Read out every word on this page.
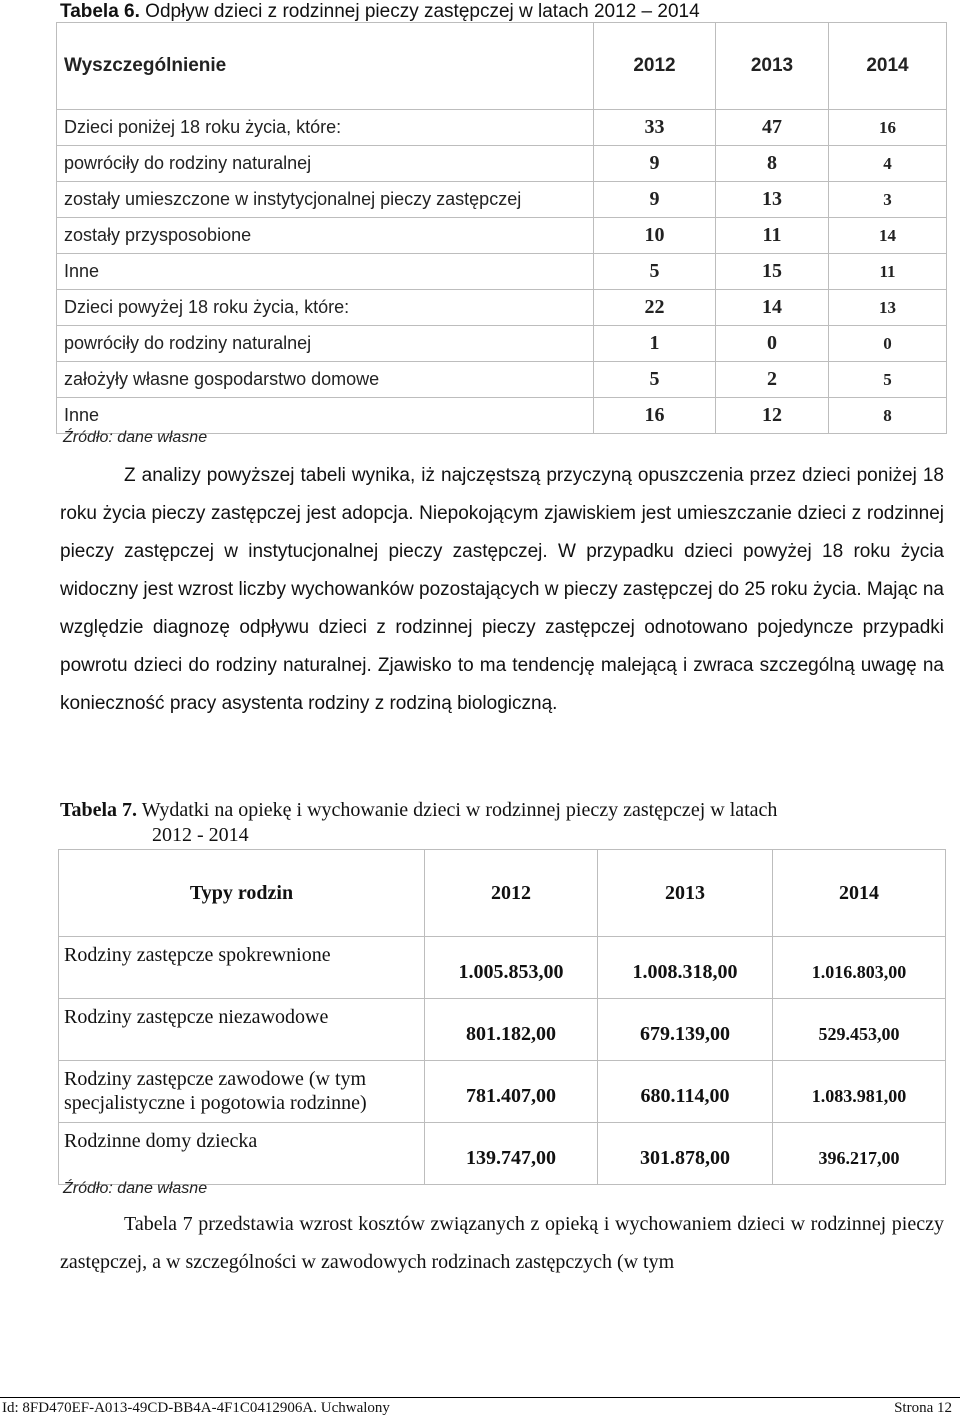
Tabela 6. Odpływ dzieci z rodzinnej pieczy zastępczej w latach 2012 – 2014
Wyszczególnienie	2012	2013	2014
Dzieci poniżej 18 roku życia, które:	33	47	16
powróciły do rodziny naturalnej	9	8	4
zostały umieszczone w instytycjonalnej pieczy zastępczej	9	13	3
zostały przysposobione	10	11	14
Inne	5	15	11
Dzieci powyżej 18 roku życia, które:	22	14	13
powróciły do rodziny naturalnej	1	0	0
założyły własne gospodarstwo domowe	5	2	5
Inne	16	12	8
Źródło: dane własne

Z analizy powyższej tabeli wynika, iż najczęstszą przyczyną opuszczenia przez dzieci poniżej 18 roku życia pieczy zastępczej jest adopcja. Niepokojącym zjawiskiem jest umieszczanie dzieci z rodzinnej pieczy zastępczej w instytucjonalnej pieczy zastępczej. W przypadku dzieci powyżej 18 roku życia widoczny jest wzrost liczby wychowanków pozostających w pieczy zastępczej do 25 roku życia. Mając na względzie diagnozę odpływu dzieci z rodzinnej pieczy zastępczej odnotowano pojedyncze przypadki powrotu dzieci do rodziny naturalnej. Zjawisko to ma tendencję malejącą i zwraca szczególną uwagę na konieczność pracy asystenta rodziny z rodziną biologiczną.

Tabela 7. Wydatki na opiekę i wychowanie dzieci w rodzinnej pieczy zastępczej w latach
2012 - 2014
Typy rodzin	2012	2013	2014
Rodziny zastępcze spokrewnione	1.005.853,00	1.008.318,00	1.016.803,00
Rodziny zastępcze niezawodowe	801.182,00	679.139,00	529.453,00
Rodziny zastępcze zawodowe (w tym specjalistyczne i pogotowia rodzinne)	781.407,00	680.114,00	1.083.981,00
Rodzinne domy dziecka	139.747,00	301.878,00	396.217,00
Źródło: dane własne

Tabela 7 przedstawia wzrost kosztów związanych z opieką i wychowaniem dzieci w rodzinnej pieczy zastępczej, a w szczególności w zawodowych rodzinach zastępczych (w tym

Id: 8FD470EF-A013-49CD-BB4A-4F1C0412906A. Uchwalony	Strona 12
